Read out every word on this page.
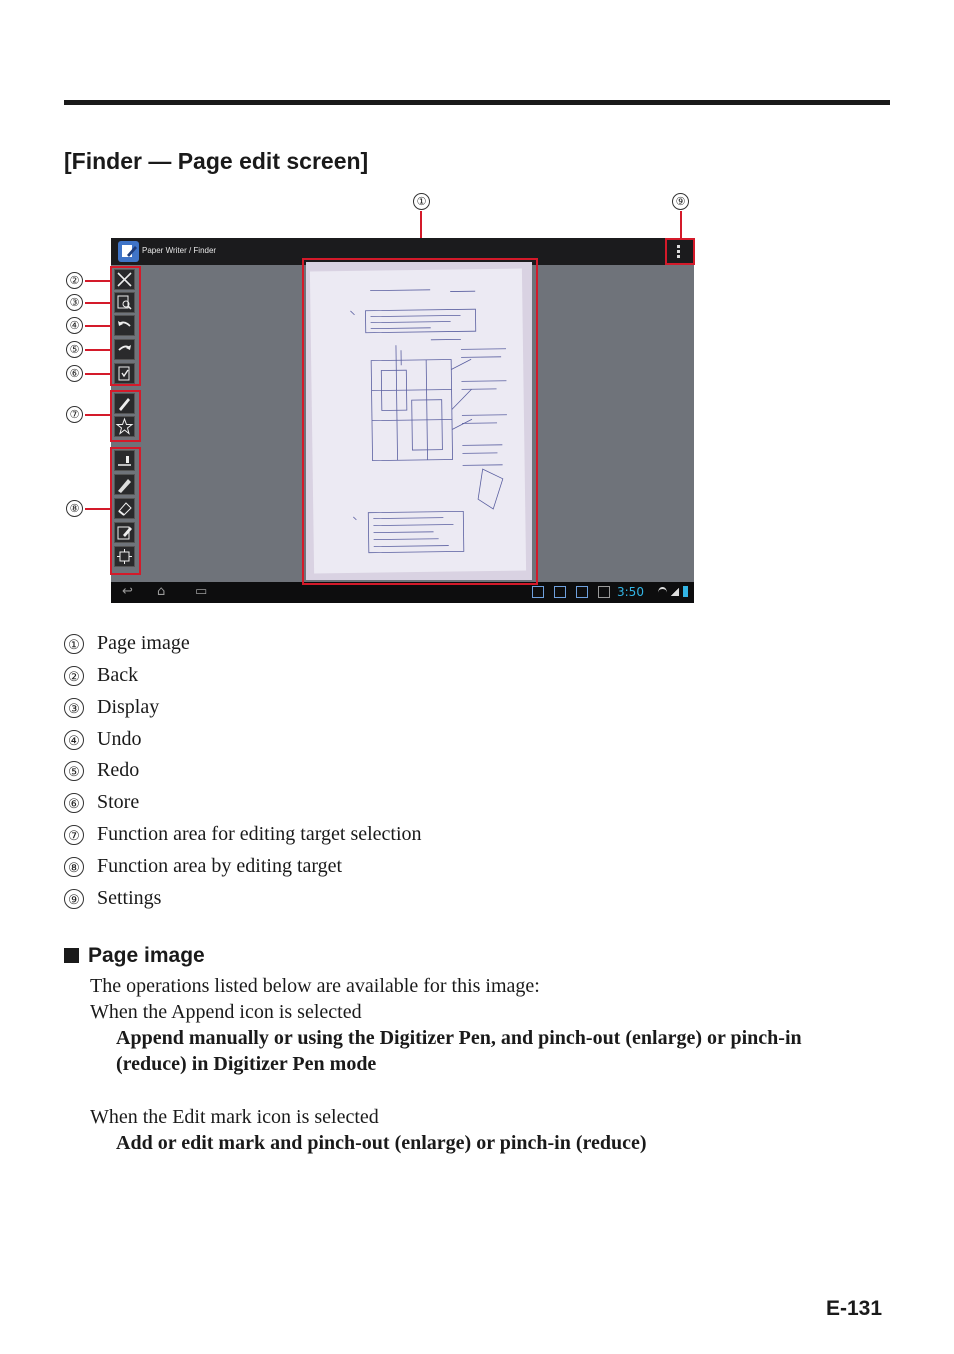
[Finder — Page edit screen]
①	⑨
②
③
④
⑤
⑥
⑦
⑧
Paper Writer / Finder
↩ ⌂ ▭	3:50
① Page image
② Back
③ Display
④ Undo
⑤ Redo
⑥ Store
⑦ Function area for editing target selection
⑧ Function area by editing target
⑨ Settings
Page image

The operations listed below are available for this image:

When the Append icon is selected

Append manually or using the Digitizer Pen, and pinch-out (enlarge) or pinch-in

(reduce) in Digitizer Pen mode

When the Edit mark icon is selected

Add or edit mark and pinch-out (enlarge) or pinch-in (reduce)

E-131
